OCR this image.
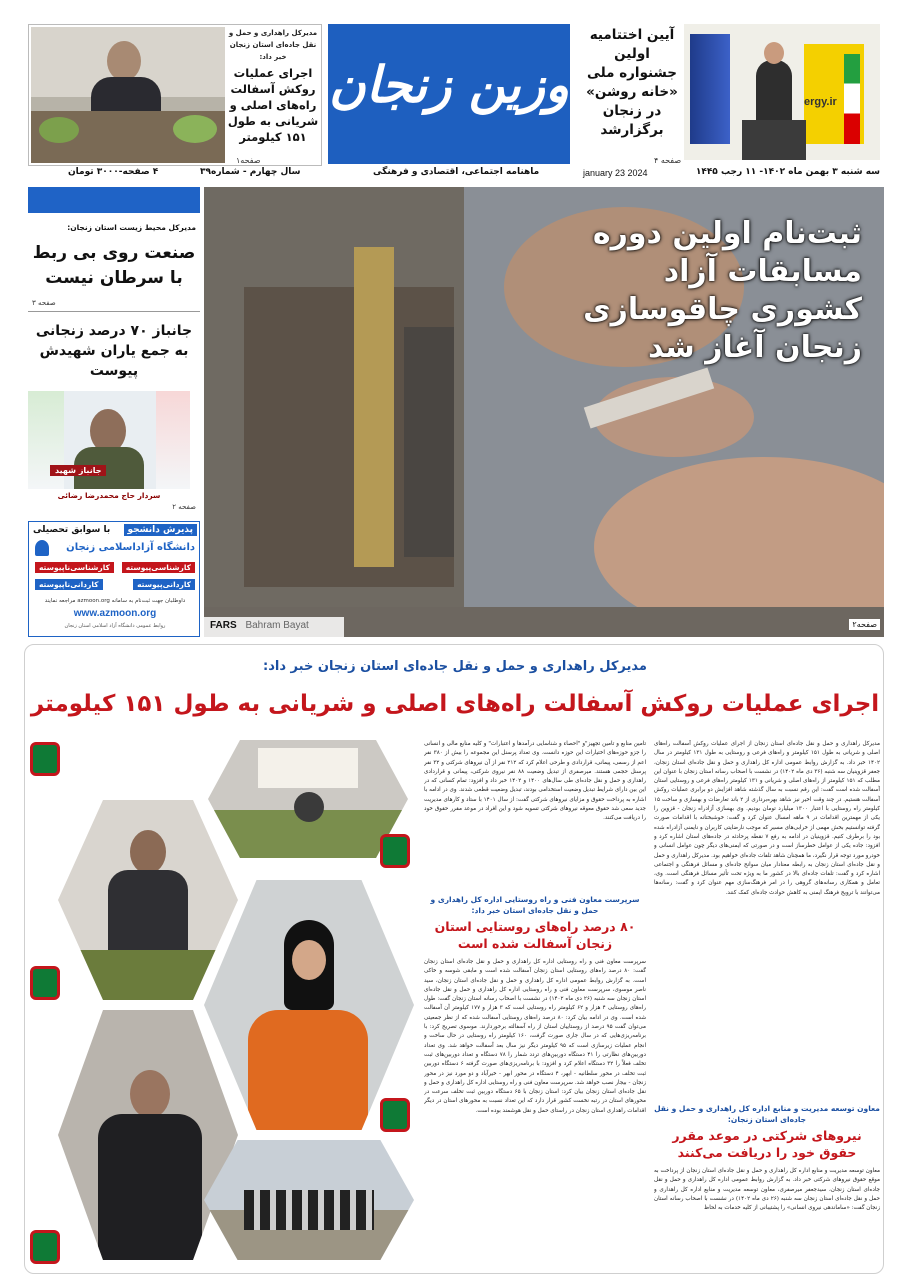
ergy.ir
آیین اختتامیه اولین جشنواره ملی «خانه روشن» در زنجان برگزارشد
صفحه ۴
وزین زنجان
مدیرکل راهداری و حمل و نقل جاده‌ای استان زنجان خبر داد:
اجرای عملیات روکش آسفالت راه‌های اصلی و شریانی به طول ۱۵۱ کیلومتر
صفحه۱
سه شنبه ۳ بهمن ماه ۱۴۰۲- ۱۱ رجب ۱۴۴۵
january 23 2024
ماهنامه اجتماعی، اقتصادی و فرهنگی
سال چهارم - شماره۳۹
۴ صفحه-۳۰۰۰ تومان
ثبت‌نام اولین دوره
مسابقات آزاد
کشوری چاقوسازی
زنجان آغاز شد
FARS Bahram Bayat	صفحه۲
مدیرکل محیط زیست استان زنجان:
صنعت روی بی ربط با سرطان نیست
صفحه ۳
جانباز ۷۰ درصد زنجانی به جمع یاران شهیدش پیوست
جانباز شهید
سردار حاج محمدرضا رضائی
صفحه ۲
پذیرش دانشجو
با سوابق تحصیلی
دانشگاه آزاداسلامی زنجان
کارشناسی‌پیوسته
کارشناسی‌ناپیوسته
کاردانی‌پیوسته
کاردانی‌ناپیوسته
داوطلبان جهت ثبت‌نام به سامانه azmoon.org مراجعه نمایند
www.azmoon.org
روابط عمومی دانشگاه آزاد اسلامی استان زنجان
مدیرکل راهداری و حمل و نقل جاده‌ای استان زنجان خبر داد:
اجرای عملیات روکش آسفالت راه‌های اصلی و شریانی به طول ۱۵۱ کیلومتر
مدیرکل راهداری و حمل و نقل جاده‌ای استان زنجان از اجرای عملیات روکش آسفالت راه‌های اصلی و شریانی به طول ۱۵۱ کیلومتر و راه‌های فرعی و روستایی به طول ۱۳۱ کیلومتر در سال ۱۴۰۲ خبر داد. به گزارش روابط عمومی اداره کل راهداری و حمل و نقل جاده‌ای استان زنجان، جعفر قزوینیان سه شنبه (۳۶ دی ماه ۱۴۰۲) در نشست با اصحاب رسانه استان زنجان با عنوان این مطلب که ۱۵۱ کیلومتر از راه‌های اصلی و شریانی و ۱۳۱ کیلومتر راه‌های فرعی و روستایی استان آسفالت شده است گفت: این رقم نسبت به سال گذشته شاهد افزایش دو برابری عملیات روکش آسفالت هستیم. در چند وقت اخیر نیز شاهد بهره‌برداری از ۲ باند تعارضات و بهسازی و ساخت ۱۵ کیلومتر راه روستایی با اعتبار ۱۳۰۰ میلیارد تومان بودیم. وی بهسازی آزادراه زنجان - قزوین را یکی از مهمترین اقدامات در ۹ ماهه امسال عنوان کرد و گفت: خوشبختانه با اقدامات صورت گرفته توانستیم بخش مهمی از خرابی‌های مسیر که موجب نارضایتی کاربران و نایمنی آزادراه شده بود را برطرف کنیم. قزوینیان در ادامه به رفع ۷ نقطه پرحادثه در جاده‌های استان اشاره کرد و افزود: جاده یکی از عوامل خطرساز است و در صورتی که ایمنی‌های دیگر چون عوامل انسانی و خودرو مورد توجه قرار نگیرد، ما همچنان شاهد تلفات جاده‌ای خواهیم بود. مدیرکل راهداری و حمل و نقل جاده‌ای استان زنجان به رابطه معنادار میان سوانح جاده‌ای و مسائل فرهنگی و اجتماعی اشاره کرد و گفت: تلفات جاده‌ای بالا در کشور ما به ویژه تحت تأثیر مسائل فرهنگی است. وی، تعامل و همکاری رسانه‌های گروهی را در امر فرهنگ‌سازی مهم عنوان کرد و گفت: رسانه‌ها می‌توانند با ترویج فرهنگ ایمنی به کاهش حوادث جاده‌ای کمک کنند.
معاون توسعه مدیریت و منابع اداره کل راهداری و حمل و نقل جاده‌ای استان زنجان:
نیروهای شرکتی در موعد مقرر حقوق خود را دریافت می‌کنند
معاون توسعه مدیریت و منابع اداره کل راهداری و حمل و نقل جاده‌ای استان زنجان از پرداخت به موقع حقوق نیروهای شرکتی خبر داد. به گزارش روابط عمومی اداره کل راهداری و حمل و نقل جاده‌ای استان زنجان، سیدجعفر میرصفری، معاون توسعه مدیریت و منابع اداره کل راهداری و حمل و نقل جاده‌ای استان زنجان سه شنبه (۲۶ دی ماه ۱۴۰۲) در نشست با اصحاب رسانه استان زنجان گفت: «ساماندهی نیروی انسانی» را پشتیبانی از کلیه خدمات به لحاظ
تامین منابع و تامین تجهیز"و "احصاء و شناسایی درآمدها و اعتبارات" و کلیه منابع مالی و انسانی را جزو حوزه‌های اختیارات این حوزه دانست. وی تعداد پرسنل این مجموعه را بیش از ۳۸۰ نفر اعم از رسمی، پیمانی، قراردادی و طرحی اعلام کرد که ۲۱۲ نفر از آن نیروهای شرکتی و ۳۲ نفر پرسنل حجمی هستند. میرصفری از تبدیل وضعیت ۸۸ نفر نیروی شرکتی، پیمانی و قراردادی راهداری و حمل و نقل جاده‌ای طی سال‌های ۱۴۰۰ و ۱۴۰۲ خبر داد و افزود: تمام کسانی که در این بین دارای شرایط تبدیل وضعیت استخدامی بودند، تبدیل وضعیت قطعی شدند. وی در ادامه با اشاره به پرداخت حقوق و مزایای نیروهای شرکتی گفت: از سال ۱۴۰۱ با ستاد و کارهای مدیریت جدید سعی شد حقوق معوقه نیروهای شرکتی تسویه شود و این افراد در موعد مقرر حقوق خود را دریافت می‌کنند.
سرپرست معاون فنی و راه روستایی اداره کل راهداری و حمل و نقل جاده‌ای استان خبر داد:
۸۰ درصد راه‌های روستایی استان زنجان آسفالت شده است
سرپرست معاون فنی و راه روستایی اداره کل راهداری و حمل و نقل جاده‌ای استان زنجان گفت: ۸۰ درصد راه‌های روستایی استان زنجان آسفالت شده است و مابقی شوسه و خاکی است. به گزارش روابط عمومی اداره کل راهداری و حمل و نقل جاده‌ای استان زنجان، سید ناصر موسوی، سرپرست معاون فنی و راه روستایی اداره کل راهداری و حمل و نقل جاده‌ای استان زنجان سه شنبه (۲۶ دی ماه ۱۴۰۲) در نشست با اصحاب رسانه استان زنجان گفت: طول راه‌های روستایی ۴ هزار و ۶۲ کیلومتر راه روستایی است که ۳ هزار و ۱۷۷ کیلومتر آن آسفالت شده است. وی در ادامه بیان کرد: ۸۰ درصد راه‌های روستایی آسفالت شده که از نظر جمعیتی می‌توان گفت ۹۵ درصد از روستاییان استان از راه آسفالته برخوردارند. موسوی تصریح کرد: با برنامه‌ریزی‌هایی که در سال جاری صورت گرفت، ۱۶۰ کیلومتر راه روستایی در حال ساخت و انجام عملیات زیرسازی است که ۹۵ کیلومتر دیگر نیز سال بعد آسفالت خواهد شد. وی تعداد دوربین‌های نظارتی را ۴۱ دستگاه دوربین‌های تردد شمار را ۷۸ دستگاه و تعداد دوربین‌های ثبت تخلف فعلاً را ۳۲ دستگاه اعلام کرد و افزود: با برنامه‌ریزی‌های صورت گرفته ۶ دستگاه دوربین ثبت تخلف در محور سلطانیه - ابهر، ۴ دستگاه در محور ابهر - خیرآباد و دو مورد نیز در محور زنجان - بیجار نصب خواهد شد. سرپرست معاون فنی و راه روستایی اداره کل راهداری و حمل و نقل جاده‌ای استان زنجان بیان کرد: استان زنجان با ۶۵ دستگاه دوربین ثبت تخلف سرعت در محورهای استان در رتبه نخست کشور قرار دارد که این تعداد نسبت به محورهای استان در دیگر اقدامات راهداری استان زنجان در راستای حمل و نقل هوشمند بوده است.
